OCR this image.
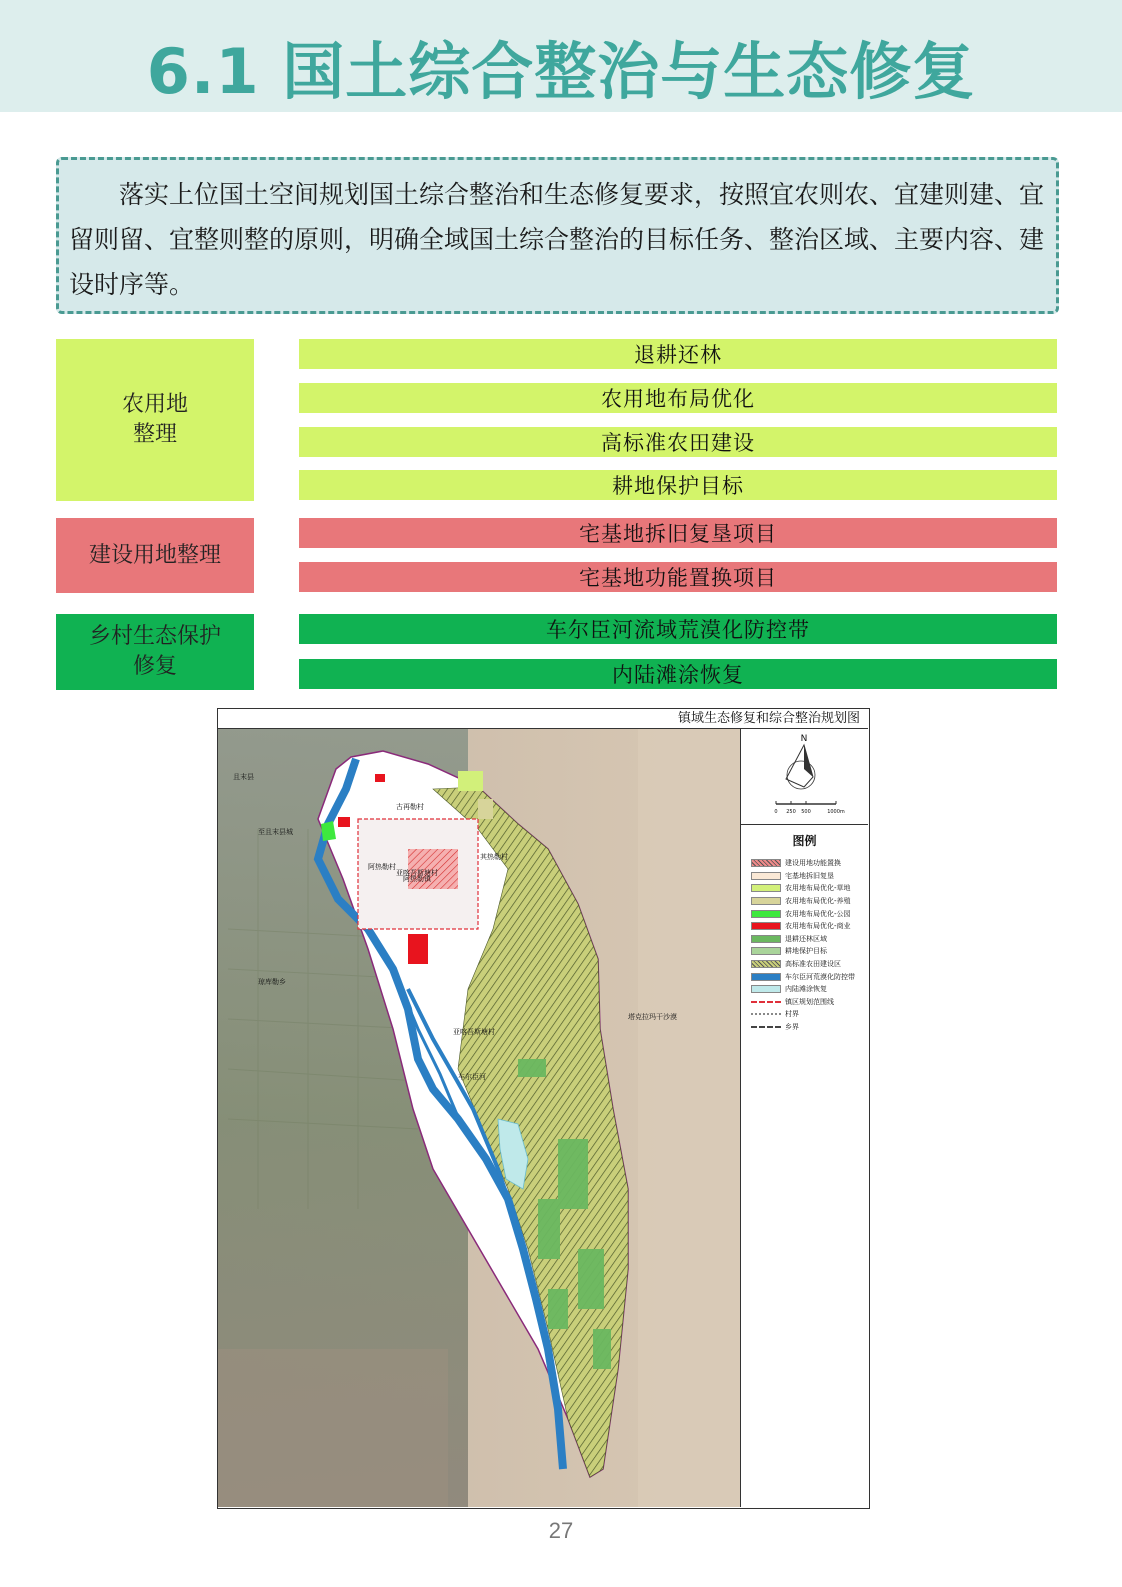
6.1 国土综合整治与生态修复
落实上位国土空间规划国土综合整治和生态修复要求，按照宜农则农、宜建则建、宜留则留、宜整则整的原则，明确全域国土综合整治的目标任务、整治区域、主要内容、建设时序等。
农用地
整理
退耕还林
农用地布局优化
高标准农田建设
耕地保护目标
建设用地整理
宅基地拆旧复垦项目
宅基地功能置换项目
乡村生态保护
修复
车尔臣河流域荒漠化防控带
内陆滩涂恢复
镇域生态修复和综合整治规划图
且末县
至且末县城
古再勒村
阿热勒村
阿热勒镇
亚喀吾斯塘村
其热勒村
琼库勒乡
亚喀吾斯塘村
塔克拉玛干沙漠
车尔臣河
N
0 250 500	1000m
图例
建设用地功能置换
宅基地拆旧复垦
农用地布局优化-草地
农用地布局优化-养殖
农用地布局优化-公园
农用地布局优化-商业
退耕还林区域
耕地保护目标
高标准农田建设区
车尔臣河荒漠化防控带
内陆滩涂恢复
镇区规划范围线
村界
乡界
27
